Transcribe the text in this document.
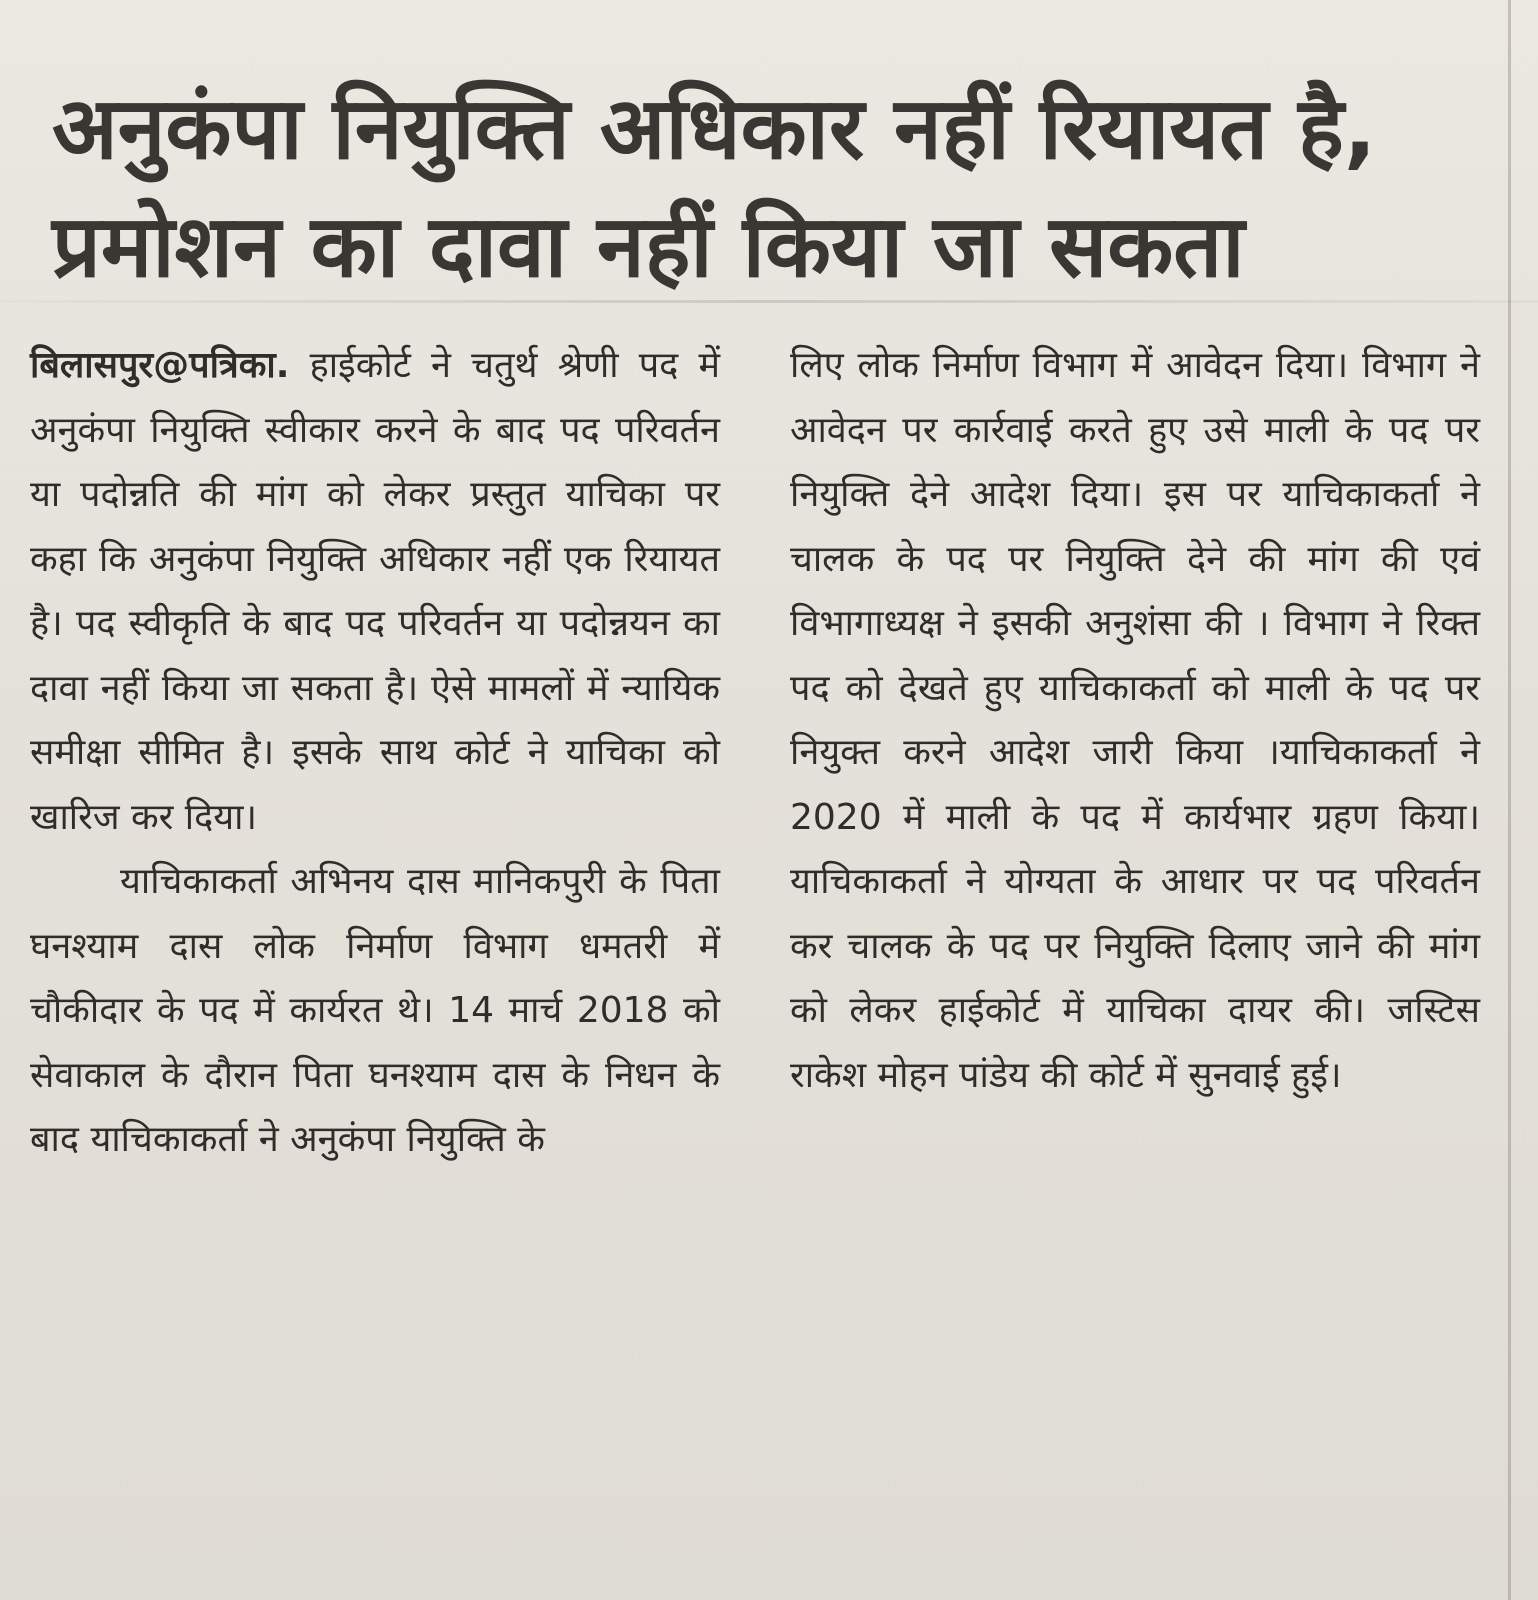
अनुकंपा नियुक्ति अधिकार नहीं रियायत है,
प्रमोशन का दावा नहीं किया जा सकता

बिलासपुर@पत्रिका. हाईकोर्ट ने चतुर्थ श्रेणी पद में अनुकंपा नियुक्ति स्वीकार करने के बाद पद परिवर्तन या पदोन्नति की मांग को लेकर प्रस्तुत याचिका पर कहा कि अनुकंपा नियुक्ति अधिकार नहीं एक रियायत है। पद स्वीकृति के बाद पद परिवर्तन या पदोन्नयन का दावा नहीं किया जा सकता है। ऐसे मामलों में न्यायिक समीक्षा सीमित है। इसके साथ कोर्ट ने याचिका को खारिज कर दिया।

याचिकाकर्ता अभिनय दास मानिकपुरी के पिता घनश्याम दास लोक निर्माण विभाग धमतरी में चौकीदार के पद में कार्यरत थे। 14 मार्च 2018 को सेवाकाल के दौरान पिता घनश्याम दास के निधन के बाद याचिकाकर्ता ने अनुकंपा नियुक्ति के

लिए लोक निर्माण विभाग में आवेदन दिया। विभाग ने आवेदन पर कार्रवाई करते हुए उसे माली के पद पर नियुक्ति देने आदेश दिया। इस पर याचिकाकर्ता ने चालक के पद पर नियुक्ति देने की मांग की एवं विभागाध्यक्ष ने इसकी अनुशंसा की । विभाग ने रिक्त पद को देखते हुए याचिकाकर्ता को माली के पद पर नियुक्त करने आदेश जारी किया ।याचिकाकर्ता ने 2020 में माली के पद में कार्यभार ग्रहण किया। याचिकाकर्ता ने योग्यता के आधार पर पद परिवर्तन कर चालक के पद पर नियुक्ति दिलाए जाने की मांग को लेकर हाईकोर्ट में याचिका दायर की। जस्टिस राकेश मोहन पांडेय की कोर्ट में सुनवाई हुई।
